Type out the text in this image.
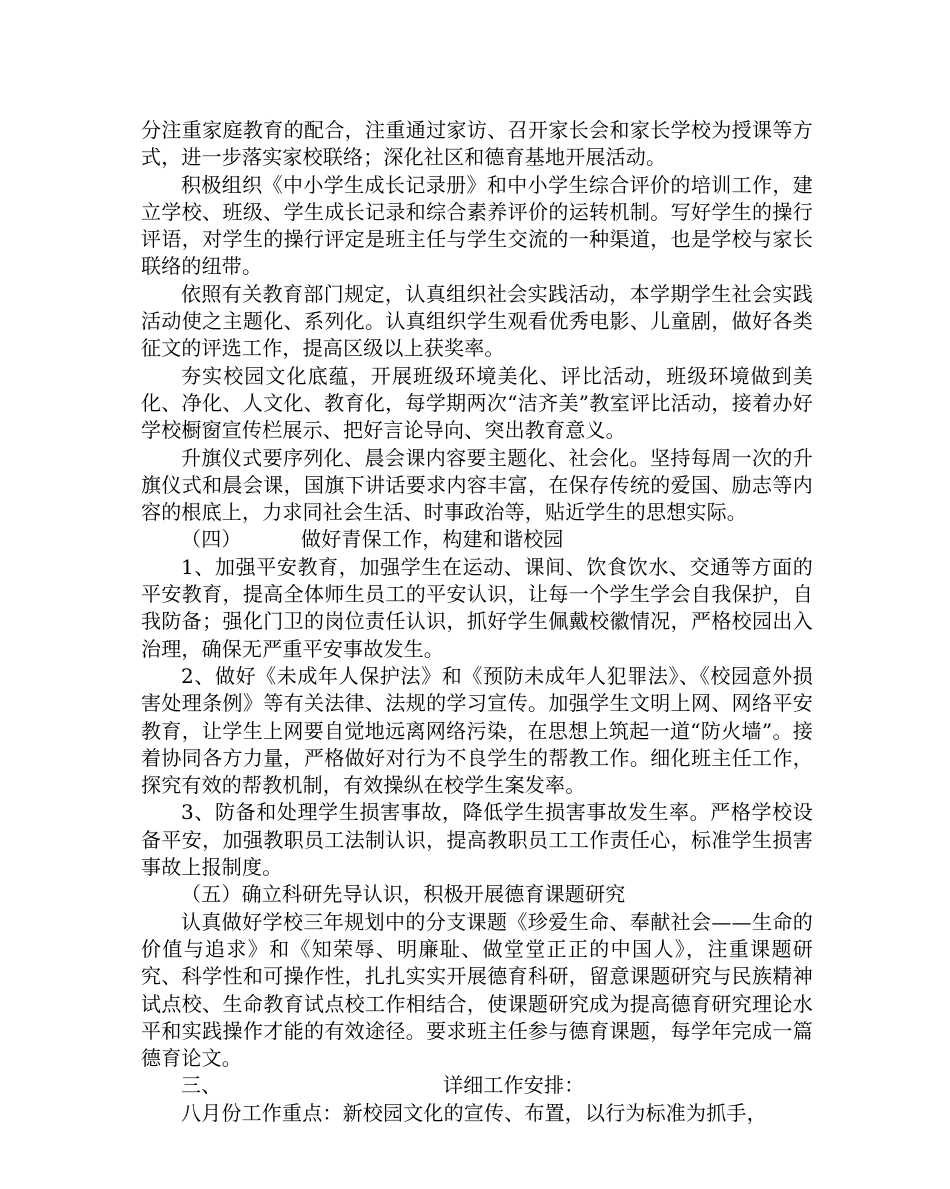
分注重家庭教育的配合，注重通过家访、召开家长会和家长学校为授课等方式，进一步落实家校联络；深化社区和德育基地开展活动。

积极组织《中小学生成长记录册》和中小学生综合评价的培训工作，建立学校、班级、学生成长记录和综合素养评价的运转机制。写好学生的操行评语，对学生的操行评定是班主任与学生交流的一种渠道，也是学校与家长联络的纽带。

依照有关教育部门规定，认真组织社会实践活动，本学期学生社会实践活动使之主题化、系列化。认真组织学生观看优秀电影、儿童剧，做好各类征文的评选工作，提高区级以上获奖率。

夯实校园文化底蕴，开展班级环境美化、评比活动，班级环境做到美化、净化、人文化、教育化，每学期两次“洁齐美”教室评比活动，接着办好学校橱窗宣传栏展示、把好言论导向、突出教育意义。

升旗仪式要序列化、晨会课内容要主题化、社会化。坚持每周一次的升旗仪式和晨会课，国旗下讲话要求内容丰富，在保存传统的爱国、励志等内容的根底上，力求同社会生活、时事政治等，贴近学生的思想实际。

（四）	做好青保工作，构建和谐校园

1、加强平安教育，加强学生在运动、课间、饮食饮水、交通等方面的平安教育，提高全体师生员工的平安认识，让每一个学生学会自我保护，自我防备；强化门卫的岗位责任认识，抓好学生佩戴校徽情况，严格校园出入治理，确保无严重平安事故发生。

2、做好《未成年人保护法》和《预防未成年人犯罪法》、《校园意外损害处理条例》等有关法律、法规的学习宣传。加强学生文明上网、网络平安教育，让学生上网要自觉地远离网络污染，在思想上筑起一道“防火墙”。接着协同各方力量，严格做好对行为不良学生的帮教工作。细化班主任工作，探究有效的帮教机制，有效操纵在校学生案发率。

3、防备和处理学生损害事故，降低学生损害事故发生率。严格学校设备平安，加强教职员工法制认识，提高教职员工工作责任心，标准学生损害事故上报制度。

（五）确立科研先导认识，积极开展德育课题研究

认真做好学校三年规划中的分支课题《珍爱生命、奉献社会——生命的价值与追求》和《知荣辱、明廉耻、做堂堂正正的中国人》，注重课题研究、科学性和可操作性，扎扎实实开展德育科研，留意课题研究与民族精神试点校、生命教育试点校工作相结合，使课题研究成为提高德育研究理论水平和实践操作才能的有效途径。要求班主任参与德育课题，每学年完成一篇德育论文。

三、	详细工作安排：

八月份工作重点：新校园文化的宣传、布置，以行为标准为抓手，
